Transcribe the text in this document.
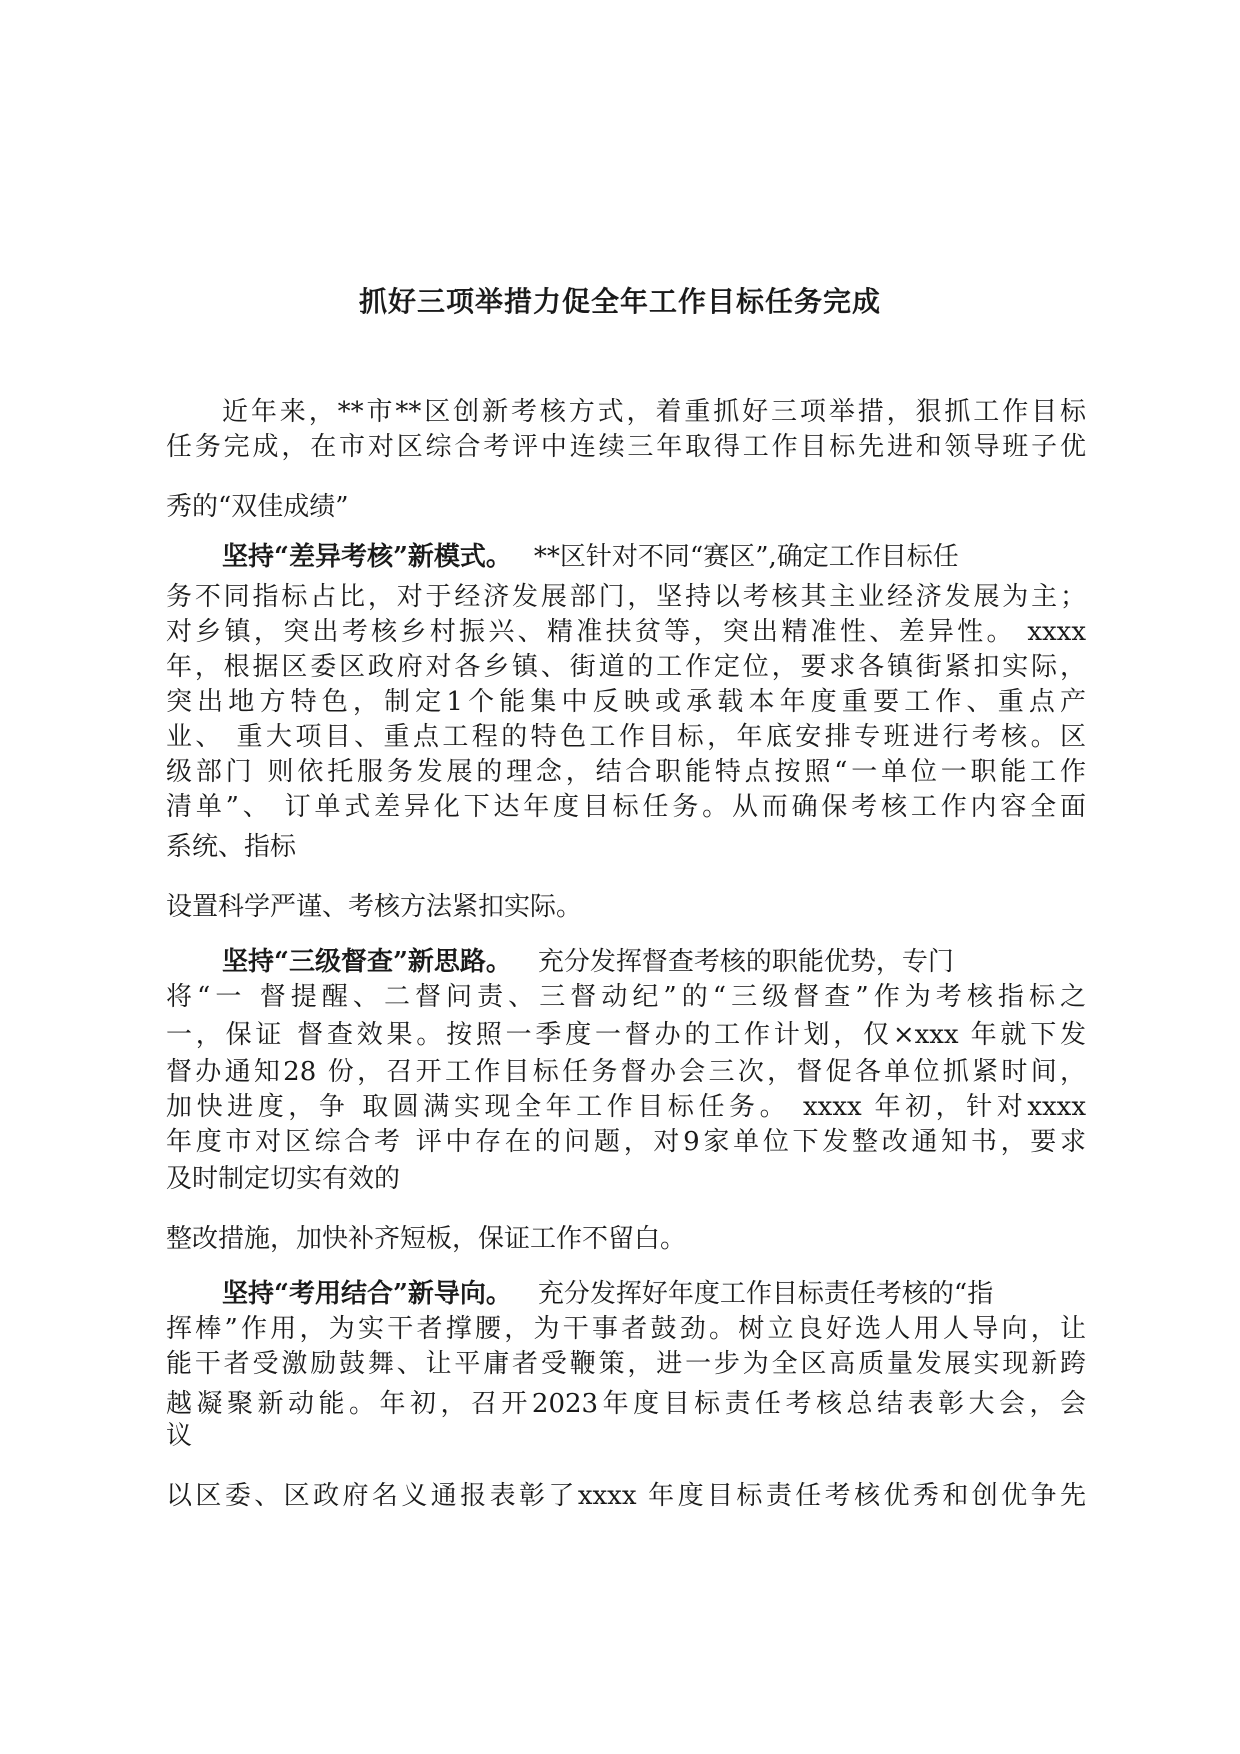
抓好三项举措力促全年工作目标任务完成

近年来，**市**区创新考核方式，着重抓好三项举措，狠抓工作目标

任务完成，在市对区综合考评中连续三年取得工作目标先进和领导班子优

秀的“双佳成绩”

坚持“差异考核”新模式。 **区针对不同“赛区”,确定工作目标任

务不同指标占比，对于经济发展部门，坚持以考核其主业经济发展为主；

对乡镇，突出考核乡村振兴、精准扶贫等，突出精准性、差异性。 xxxx

年，根据区委区政府对各乡镇、街道的工作定位，要求各镇街紧扣实际，

突出地方特色，制定1个能集中反映或承载本年度重要工作、重点产

业、 重大项目、重点工程的特色工作目标，年底安排专班进行考核。区

级部门 则依托服务发展的理念，结合职能特点按照“一单位一职能工作

清单”、 订单式差异化下达年度目标任务。从而确保考核工作内容全面

系统、指标

设置科学严谨、考核方法紧扣实际。

坚持“三级督查”新思路。 充分发挥督查考核的职能优势，专门

将“一 督提醒、二督问责、三督动纪”的“三级督查”作为考核指标之

一，保证 督查效果。按照一季度一督办的工作计划，仅×xxx 年就下发

督办通知28 份，召开工作目标任务督办会三次，督促各单位抓紧时间，

加快进度，争 取圆满实现全年工作目标任务。 xxxx 年初，针对xxxx

年度市对区综合考 评中存在的问题，对9家单位下发整改通知书，要求

及时制定切实有效的

整改措施，加快补齐短板，保证工作不留白。

坚持“考用结合”新导向。 充分发挥好年度工作目标责任考核的“指

挥棒”作用，为实干者撑腰，为干事者鼓劲。树立良好选人用人导向，让

能干者受激励鼓舞、让平庸者受鞭策，进一步为全区高质量发展实现新跨

越凝聚新动能。年初，召开2023年度目标责任考核总结表彰大会，会

议

以区委、区政府名义通报表彰了xxxx 年度目标责任考核优秀和创优争先
